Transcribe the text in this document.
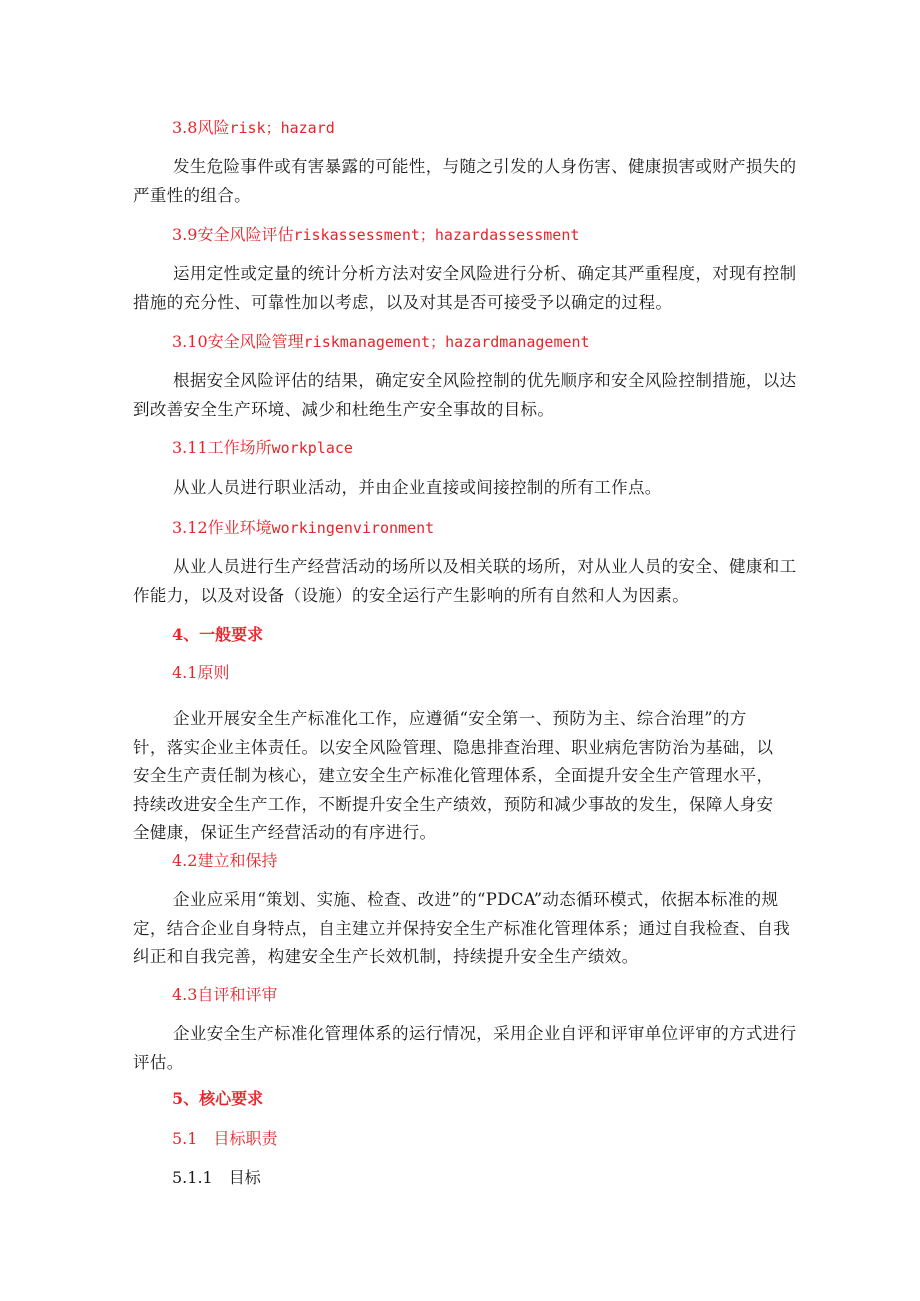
3.8风险risk；hazard
发生危险事件或有害暴露的可能性，与随之引发的人身伤害、健康损害或财产损失的严重性的组合。
3.9安全风险评估riskassessment；hazardassessment
运用定性或定量的统计分析方法对安全风险进行分析、确定其严重程度，对现有控制措施的充分性、可靠性加以考虑，以及对其是否可接受予以确定的过程。
3.10安全风险管理riskmanagement；hazardmanagement
根据安全风险评估的结果，确定安全风险控制的优先顺序和安全风险控制措施，以达到改善安全生产环境、减少和杜绝生产安全事故的目标。
3.11工作场所workplace
从业人员进行职业活动，并由企业直接或间接控制的所有工作点。
3.12作业环境workingenvironment
从业人员进行生产经营活动的场所以及相关联的场所，对从业人员的安全、健康和工作能力，以及对设备（设施）的安全运行产生影响的所有自然和人为因素。
4、一般要求
4.1原则
企业开展安全生产标准化工作，应遵循“安全第一、预防为主、综合治理”的方
针，落实企业主体责任。以安全风险管理、隐患排查治理、职业病危害防治为基础，以
安全生产责任制为核心，建立安全生产标准化管理体系，全面提升安全生产管理水平，
持续改进安全生产工作，不断提升安全生产绩效，预防和减少事故的发生，保障人身安
全健康，保证生产经营活动的有序进行。
4.2建立和保持
企业应采用“策划、实施、检查、改进”的“PDCA”动态循环模式，依据本标准的规定，结合企业自身特点，自主建立并保持安全生产标准化管理体系；通过自我检查、自我纠正和自我完善，构建安全生产长效机制，持续提升安全生产绩效。
4.3自评和评审
企业安全生产标准化管理体系的运行情况，采用企业自评和评审单位评审的方式进行评估。
5、核心要求
5.1 目标职责
5.1.1 目标
